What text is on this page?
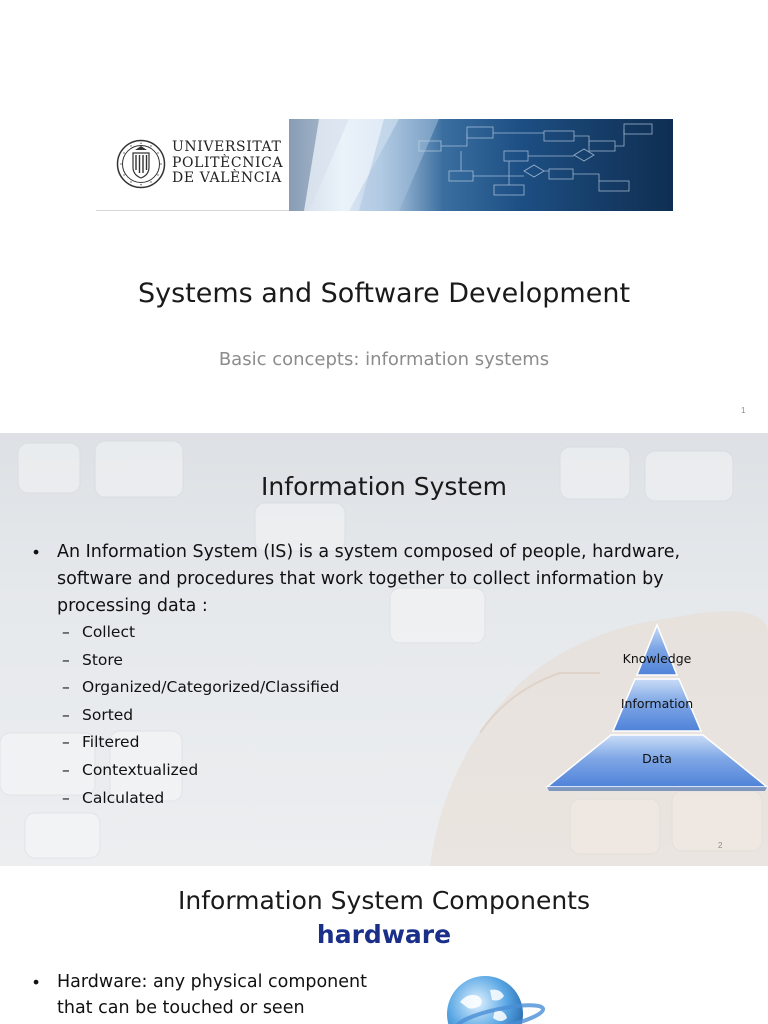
UNIVERSITAT
POLITÈCNICA
DE VALÈNCIA
Systems and Software Development
Basic concepts: information systems
1
Information System
• An Information System (IS) is a system composed of people, hardware, software and procedures that work together to collect information by processing data :
– Collect
– Store
– Organized/Categorized/Classified
– Sorted
– Filtered
– Contextualized
– Calculated
Knowledge
Information
Data
2
Information System Components
hardware
• Hardware: any physical component that can be touched or seen
